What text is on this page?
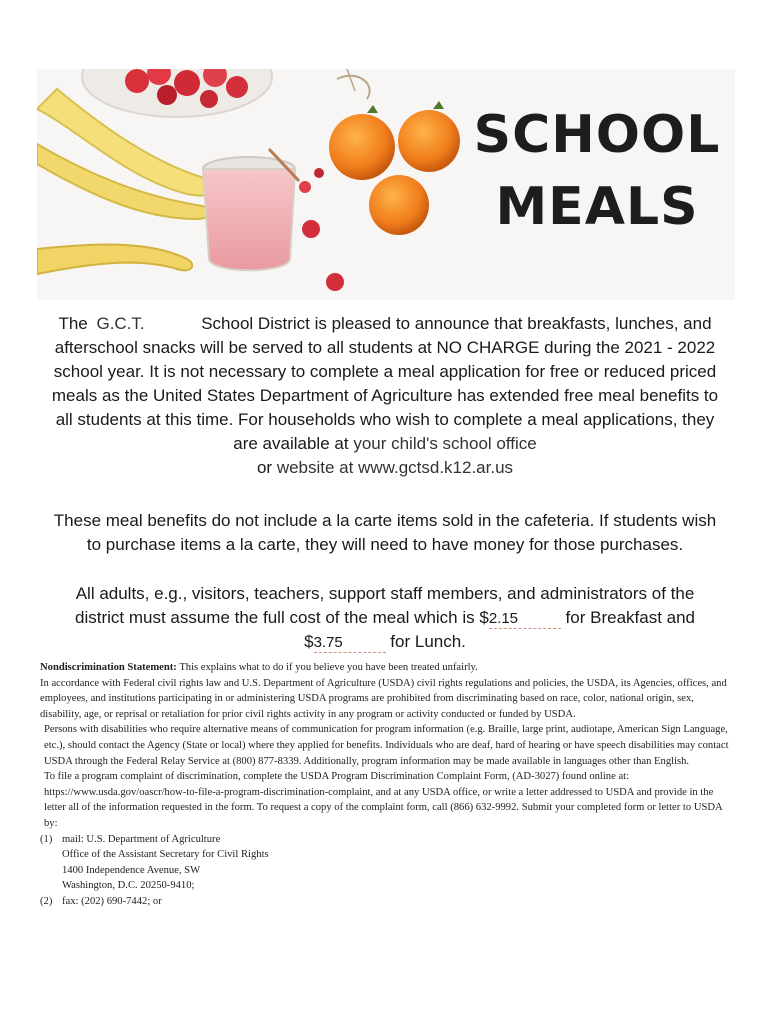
SCHOOL
MEALS
The G.C.T.	School District is pleased to announce that breakfasts, lunches, and afterschool snacks will be served to all students at NO CHARGE during the 2021 - 2022 school year. It is not necessary to complete a meal application for free or reduced priced meals as the United States Department of Agriculture has extended free meal benefits to all students at this time. For households who wish to complete a meal applications, they are available at your child's school office
or website at www.gctsd.k12.ar.us
These meal benefits do not include a la carte items sold in the cafeteria. If students wish to purchase items a la carte, they will need to have money for those purchases.
All adults, e.g., visitors, teachers, support staff members, and administrators of the district must assume the full cost of the meal which is $2.15	for Breakfast and
$3.75	for Lunch.

Nondiscrimination Statement: This explains what to do if you believe you have been treated unfairly.

In accordance with Federal civil rights law and U.S. Department of Agriculture (USDA) civil rights regulations and policies, the USDA, its Agencies, offices, and employees, and institutions participating in or administering USDA programs are prohibited from discriminating based on race, color, national origin, sex, disability, age, or reprisal or retaliation for prior civil rights activity in any program or activity conducted or funded by USDA.

Persons with disabilities who require alternative means of communication for program information (e.g. Braille, large print, audiotape, American Sign Language, etc.), should contact the Agency (State or local) where they applied for benefits. Individuals who are deaf, hard of hearing or have speech disabilities may contact USDA through the Federal Relay Service at (800) 877-8339. Additionally, program information may be made available in languages other than English.

To file a program complaint of discrimination, complete the USDA Program Discrimination Complaint Form, (AD-3027) found online at: https://www.usda.gov/oascr/how-to-file-a-program-discrimination-complaint, and at any USDA office, or write a letter addressed to USDA and provide in the letter all of the information requested in the form. To request a copy of the complaint form, call (866) 632-9992. Submit your completed form or letter to USDA by:

(1) mail: U.S. Department of Agriculture
Office of the Assistant Secretary for Civil Rights
1400 Independence Avenue, SW
Washington, D.C. 20250-9410;
(2) fax: (202) 690-7442; or
